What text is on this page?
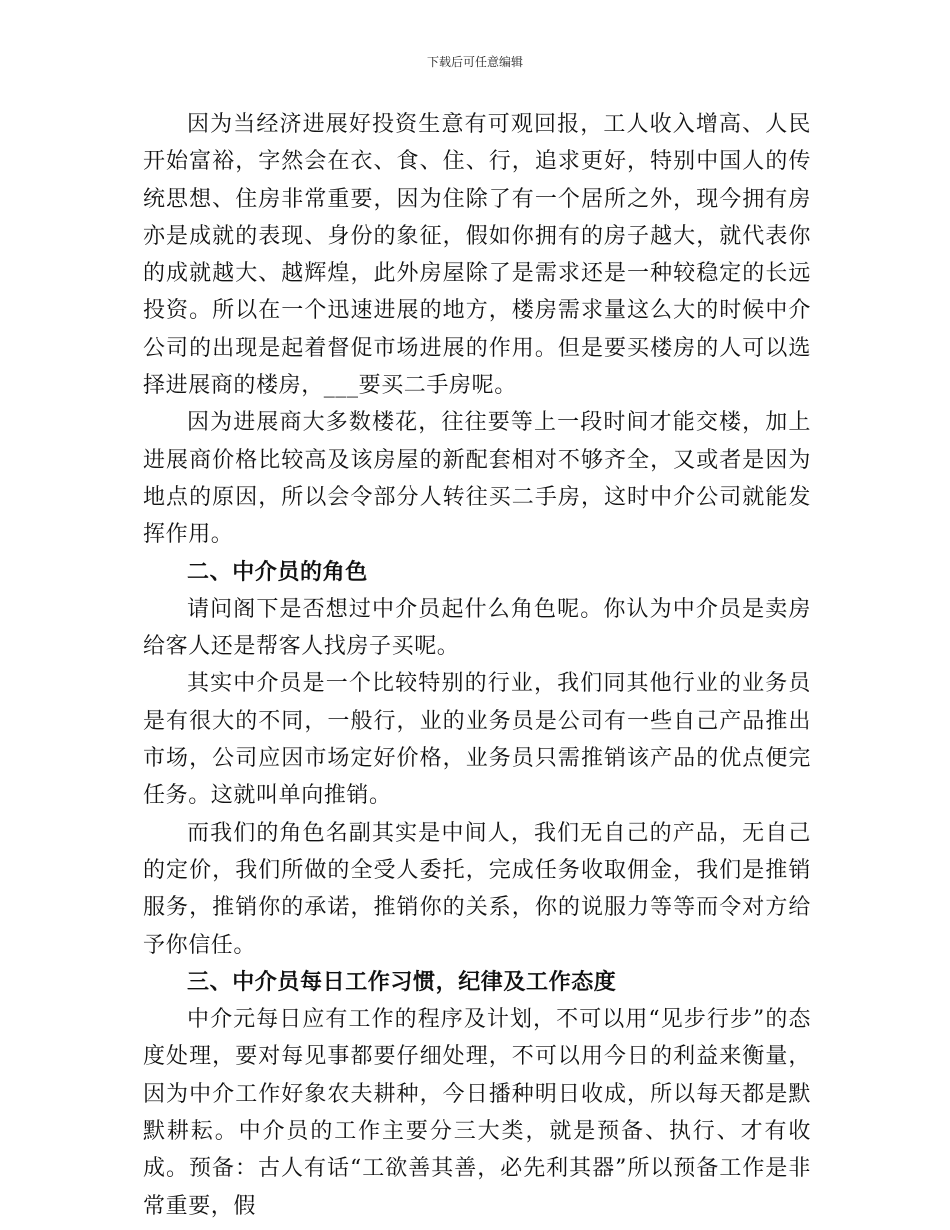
下载后可任意编辑

因为当经济进展好投资生意有可观回报，工人收入增高、人民开始富裕，字然会在衣、食、住、行，追求更好，特别中国人的传统思想、住房非常重要，因为住除了有一个居所之外，现今拥有房亦是成就的表现、身份的象征，假如你拥有的房子越大，就代表你的成就越大、越辉煌，此外房屋除了是需求还是一种较稳定的长远投资。所以在一个迅速进展的地方，楼房需求量这么大的时候中介公司的出现是起着督促市场进展的作用。但是要买楼房的人可以选择进展商的楼房，___要买二手房呢。

因为进展商大多数楼花，往往要等上一段时间才能交楼，加上进展商价格比较高及该房屋的新配套相对不够齐全，又或者是因为地点的原因，所以会令部分人转往买二手房，这时中介公司就能发挥作用。

二、中介员的角色

请问阁下是否想过中介员起什么角色呢。你认为中介员是卖房给客人还是帮客人找房子买呢。

其实中介员是一个比较特别的行业，我们同其他行业的业务员是有很大的不同，一般行，业的业务员是公司有一些自己产品推出市场，公司应因市场定好价格，业务员只需推销该产品的优点便完任务。这就叫单向推销。

而我们的角色名副其实是中间人，我们无自己的产品，无自己的定价，我们所做的全受人委托，完成任务收取佣金，我们是推销服务，推销你的承诺，推销你的关系，你的说服力等等而令对方给予你信任。

三、中介员每日工作习惯，纪律及工作态度

中介元每日应有工作的程序及计划，不可以用“见步行步”的态度处理，要对每见事都要仔细处理，不可以用今日的利益来衡量，因为中介工作好象农夫耕种，今日播种明日收成，所以每天都是默默耕耘。中介员的工作主要分三大类，就是预备、执行、才有收成。预备：古人有话“工欲善其善，必先利其器”所以预备工作是非常重要，假
